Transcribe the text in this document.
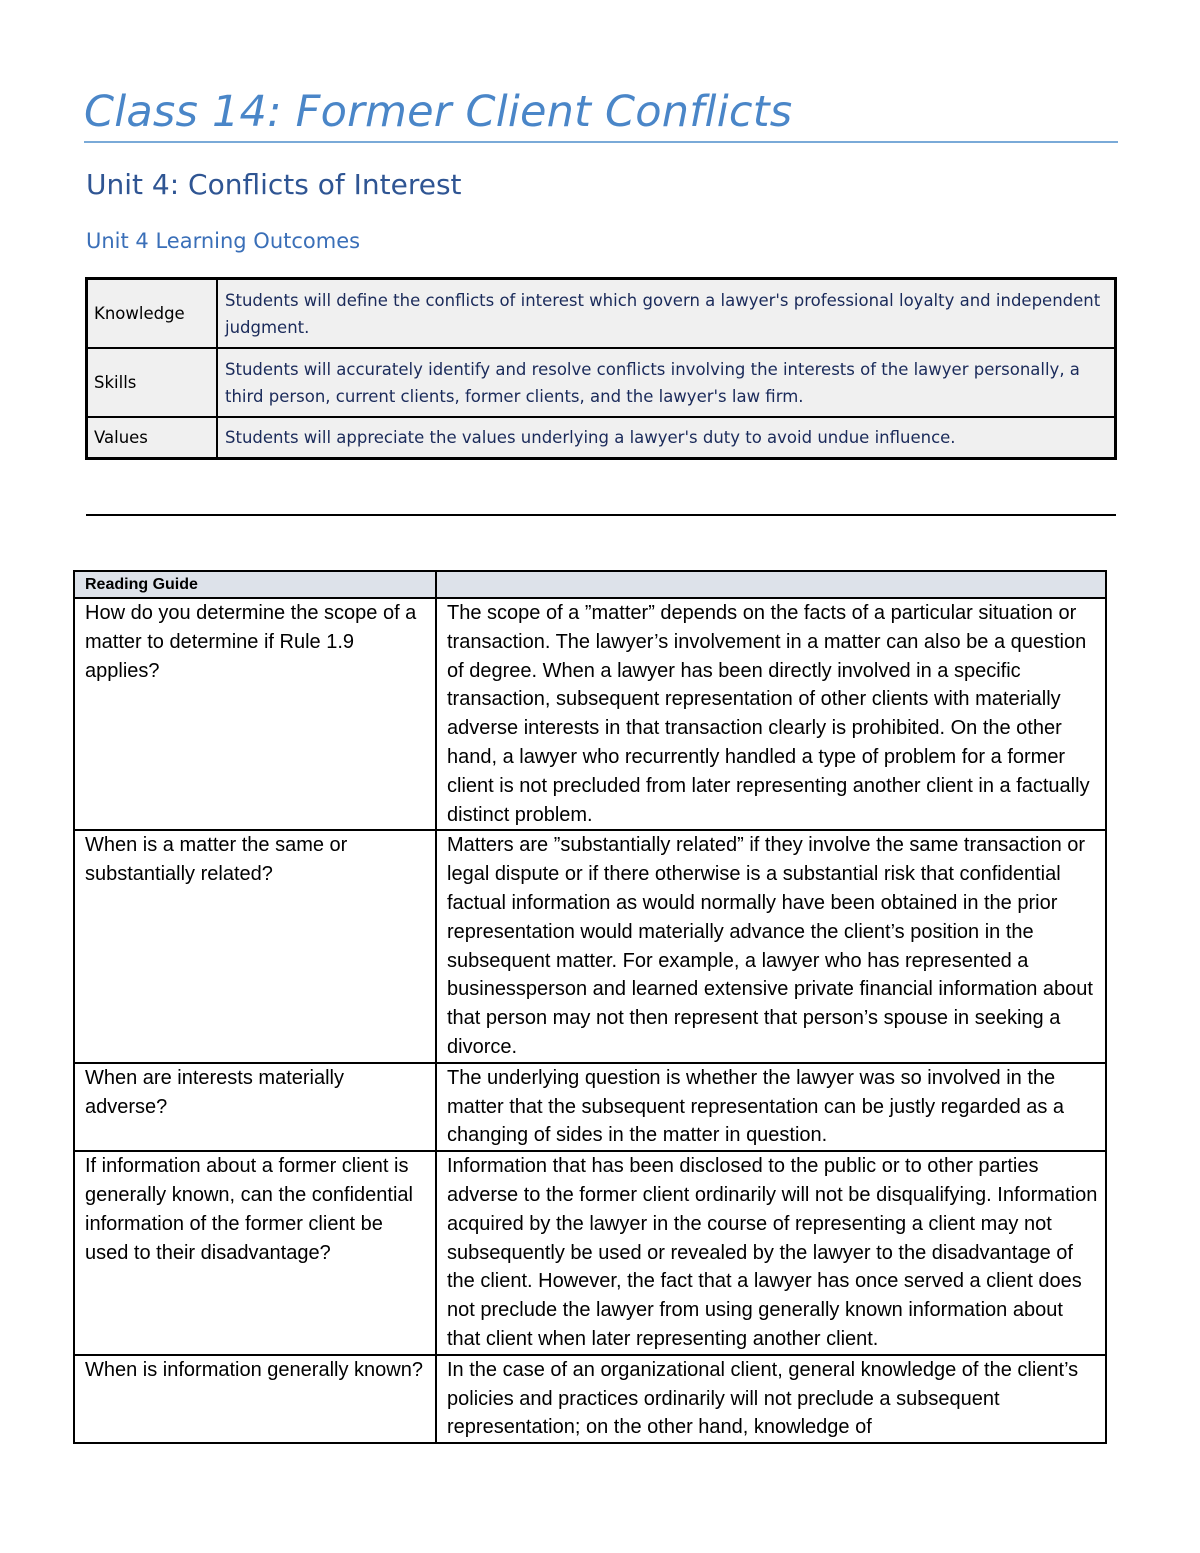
Class 14: Former Client Conflicts
Unit 4: Conflicts of Interest
Unit 4 Learning Outcomes
Knowledge	Students will define the conflicts of interest which govern a lawyer's professional loyalty and independent judgment.
Skills	Students will accurately identify and resolve conflicts involving the interests of the lawyer personally, a third person, current clients, former clients, and the lawyer's law firm.
Values	Students will appreciate the values underlying a lawyer's duty to avoid undue influence.
Reading Guide	
How do you determine the scope of a matter to determine if Rule 1.9 applies?	The scope of a ”matter” depends on the facts of a particular situation or transaction. The lawyer’s involvement in a matter can also be a question of degree. When a lawyer has been directly involved in a specific transaction, subsequent representation of other clients with materially adverse interests in that transaction clearly is prohibited. On the other hand, a lawyer who recurrently handled a type of problem for a former client is not precluded from later representing another client in a factually distinct problem.
When is a matter the same or substantially related?	Matters are ”substantially related” if they involve the same transaction or legal dispute or if there otherwise is a substantial risk that confidential factual information as would normally have been obtained in the prior representation would materially advance the client’s position in the subsequent matter. For example, a lawyer who has represented a businessperson and learned extensive private financial information about that person may not then represent that person’s spouse in seeking a divorce.
When are interests materially adverse?	The underlying question is whether the lawyer was so involved in the matter that the subsequent representation can be justly regarded as a changing of sides in the matter in question.
If information about a former client is generally known, can the confidential information of the former client be used to their disadvantage?	Information that has been disclosed to the public or to other parties adverse to the former client ordinarily will not be disqualifying. Information acquired by the lawyer in the course of representing a client may not subsequently be used or revealed by the lawyer to the disadvantage of the client. However, the fact that a lawyer has once served a client does not preclude the lawyer from using generally known information about that client when later representing another client.
When is information generally known?	In the case of an organizational client, general knowledge of the client’s policies and practices ordinarily will not preclude a subsequent representation; on the other hand, knowledge of
